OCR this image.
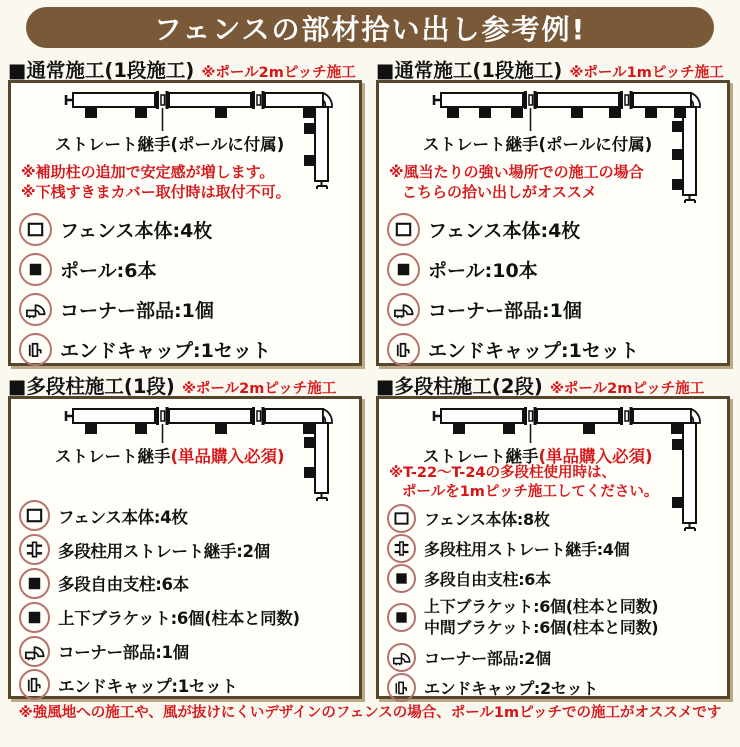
フェンスの部材拾い出し参考例!
■通常施工(1段施工) ※ポール2mピッチ施工
ストレート継手(ポールに付属)
※補助柱の追加で安定感が増します。
※下桟すきまカバー取付時は取付不可。
フェンス本体:4枚
ポール:6本
コーナー部品:1個
エンドキャップ:1セット
■通常施工(1段施工) ※ポール1mピッチ施工
ストレート継手(ポールに付属)
※風当たりの強い場所での施工の場合
こちらの拾い出しがオススメ
フェンス本体:4枚
ポール:10本
コーナー部品:1個
エンドキャップ:1セット
■多段柱施工(1段) ※ポール2mピッチ施工
ストレート継手(単品購入必須)
フェンス本体:4枚
多段柱用ストレート継手:2個
多段自由支柱:6本
上下ブラケット:6個(柱本と同数)
コーナー部品:1個
エンドキャップ:1セット
■多段柱施工(2段) ※ポール2mピッチ施工
ストレート継手(単品購入必須)
※T-22〜T-24の多段柱使用時は、
ポールを1mピッチ施工してください。
フェンス本体:8枚
多段柱用ストレート継手:4個
多段自由支柱:6本
上下ブラケット:6個(柱本と同数)
中間ブラケット:6個(柱本と同数)
コーナー部品:2個
エンドキャップ:2セット
※強風地への施工や、風が抜けにくいデザインのフェンスの場合、ポール1mピッチでの施工がオススメです
